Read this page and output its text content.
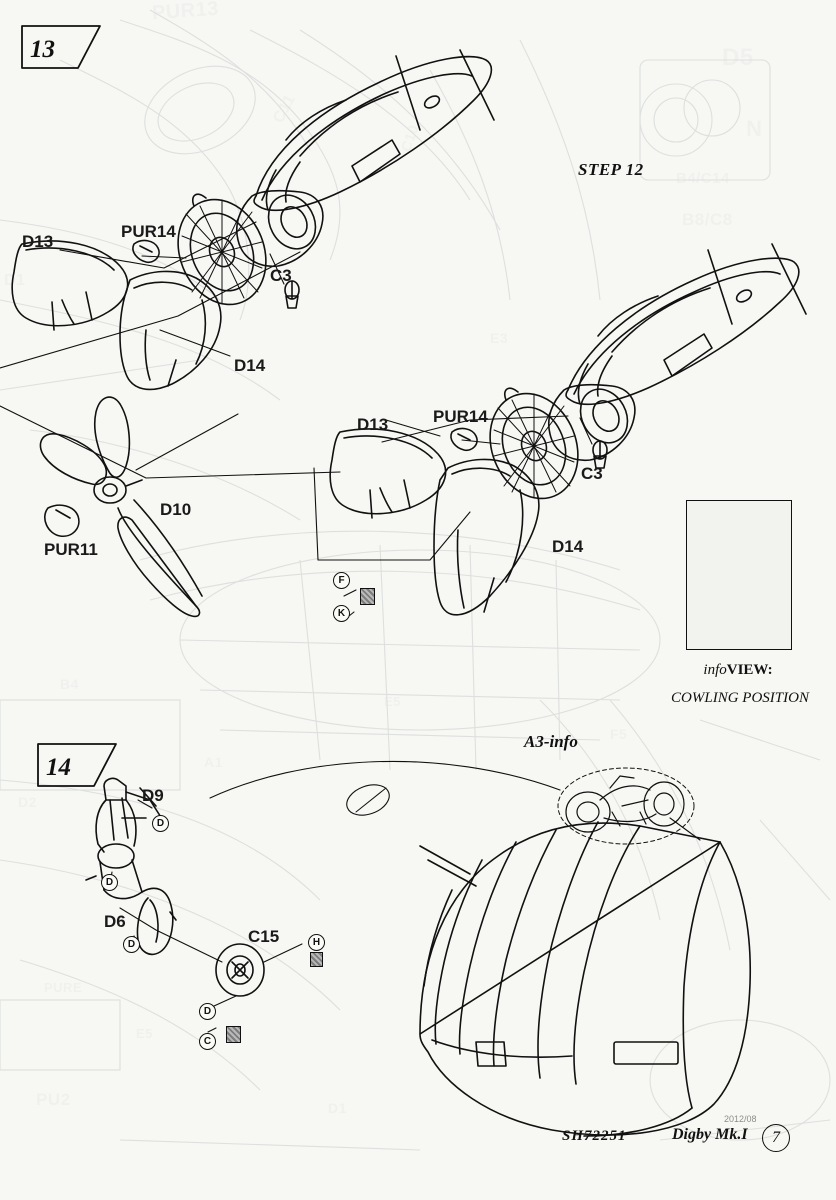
13
STEP 12
14
D13
PUR14
C3
D14
D10
PUR11
D13	PUR14
C3
D14
F
K
infoVIEW:
COWLING POSITION
D9
D6
C15
D
D
D	H
D
C
A3-info
2012/08
SH72251	Digby Mk.I	7
